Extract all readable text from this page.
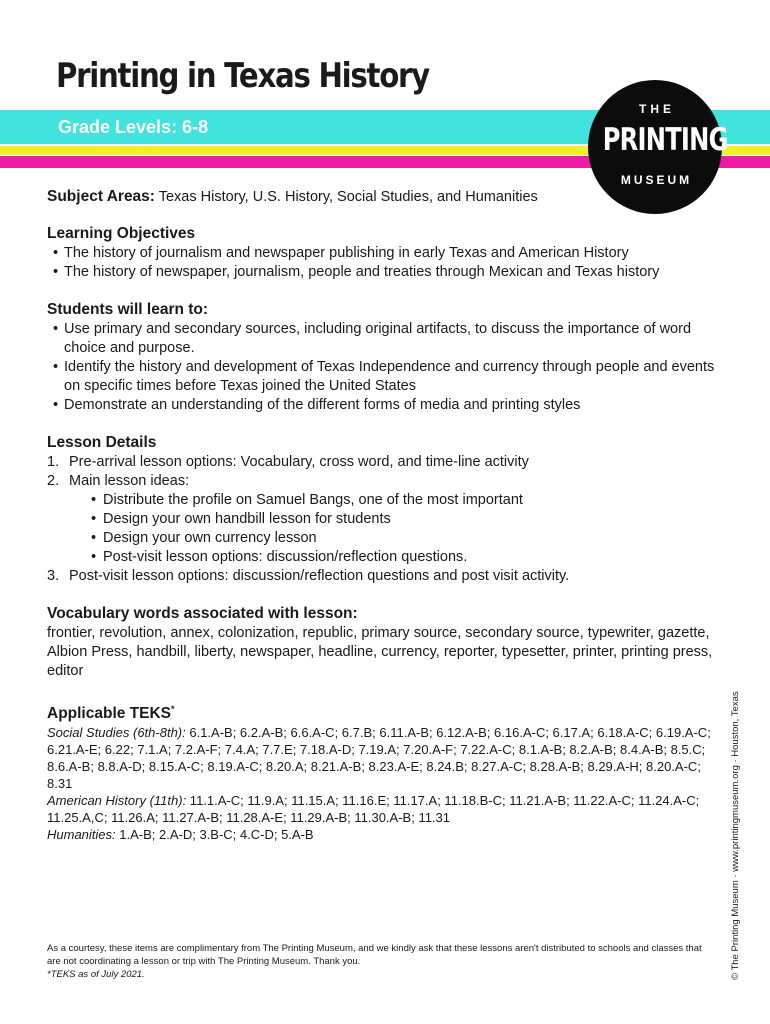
Printing in Texas History
Grade Levels: 6-8
THE
PRINTING
MUSEUM
Subject Areas: Texas History, U.S. History, Social Studies, and Humanities
Learning Objectives
• The history of journalism and newspaper publishing in early Texas and American History
• The history of newspaper, journalism, people and treaties through Mexican and Texas history
Students will learn to:
• Use primary and secondary sources, including original artifacts, to discuss the importance of word choice and purpose.
• Identify the history and development of Texas Independence and currency through people and events on specific times before Texas joined the United States
• Demonstrate an understanding of the different forms of media and printing styles
Lesson Details
1. Pre-arrival lesson options: Vocabulary, cross word, and time-line activity
2. Main lesson ideas:
• Distribute the profile on Samuel Bangs, one of the most important
• Design your own handbill lesson for students
• Design your own currency lesson
• Post-visit lesson options: discussion/reflection questions.
3. Post-visit lesson options: discussion/reflection questions and post visit activity.
Vocabulary words associated with lesson:

frontier, revolution, annex, colonization, republic, primary source, secondary source, typewriter, gazette, Albion Press, handbill, liberty, newspaper, headline, currency, reporter, typesetter, printer, printing press, editor

Applicable TEKS*

Social Studies (6th-8th): 6.1.A-B; 6.2.A-B; 6.6.A-C; 6.7.B; 6.11.A-B; 6.12.A-B; 6.16.A-C; 6.17.A; 6.18.A-C; 6.19.A-C; 6.21.A-E; 6.22; 7.1.A; 7.2.A-F; 7.4.A; 7.7.E; 7.18.A-D; 7.19.A; 7.20.A-F; 7.22.A-C; 8.1.A-B; 8.2.A-B; 8.4.A-B; 8.5.C; 8.6.A-B; 8.8.A-D; 8.15.A-C; 8.19.A-C; 8.20.A; 8.21.A-B; 8.23.A-E; 8.24.B; 8.27.A-C; 8.28.A-B; 8.29.A-H; 8.20.A-C; 8.31

American History (11th): 11.1.A-C; 11.9.A; 11.15.A; 11.16.E; 11.17.A; 11.18.B-C; 11.21.A-B; 11.22.A-C; 11.24.A-C; 11.25.A,C; 11.26.A; 11.27.A-B; 11.28.A-E; 11.29.A-B; 11.30.A-B; 11.31

Humanities: 1.A-B; 2.A-D; 3.B-C; 4.C-D; 5.A-B

As a courtesy, these items are complimentary from The Printing Museum, and we kindly ask that these lessons aren't distributed to schools and classes that are not coordinating a lesson or trip with The Printing Museum. Thank you.

*TEKS as of July 2021.	© The Printing Museum · www.printingmuseum.org · Houston, Texas
